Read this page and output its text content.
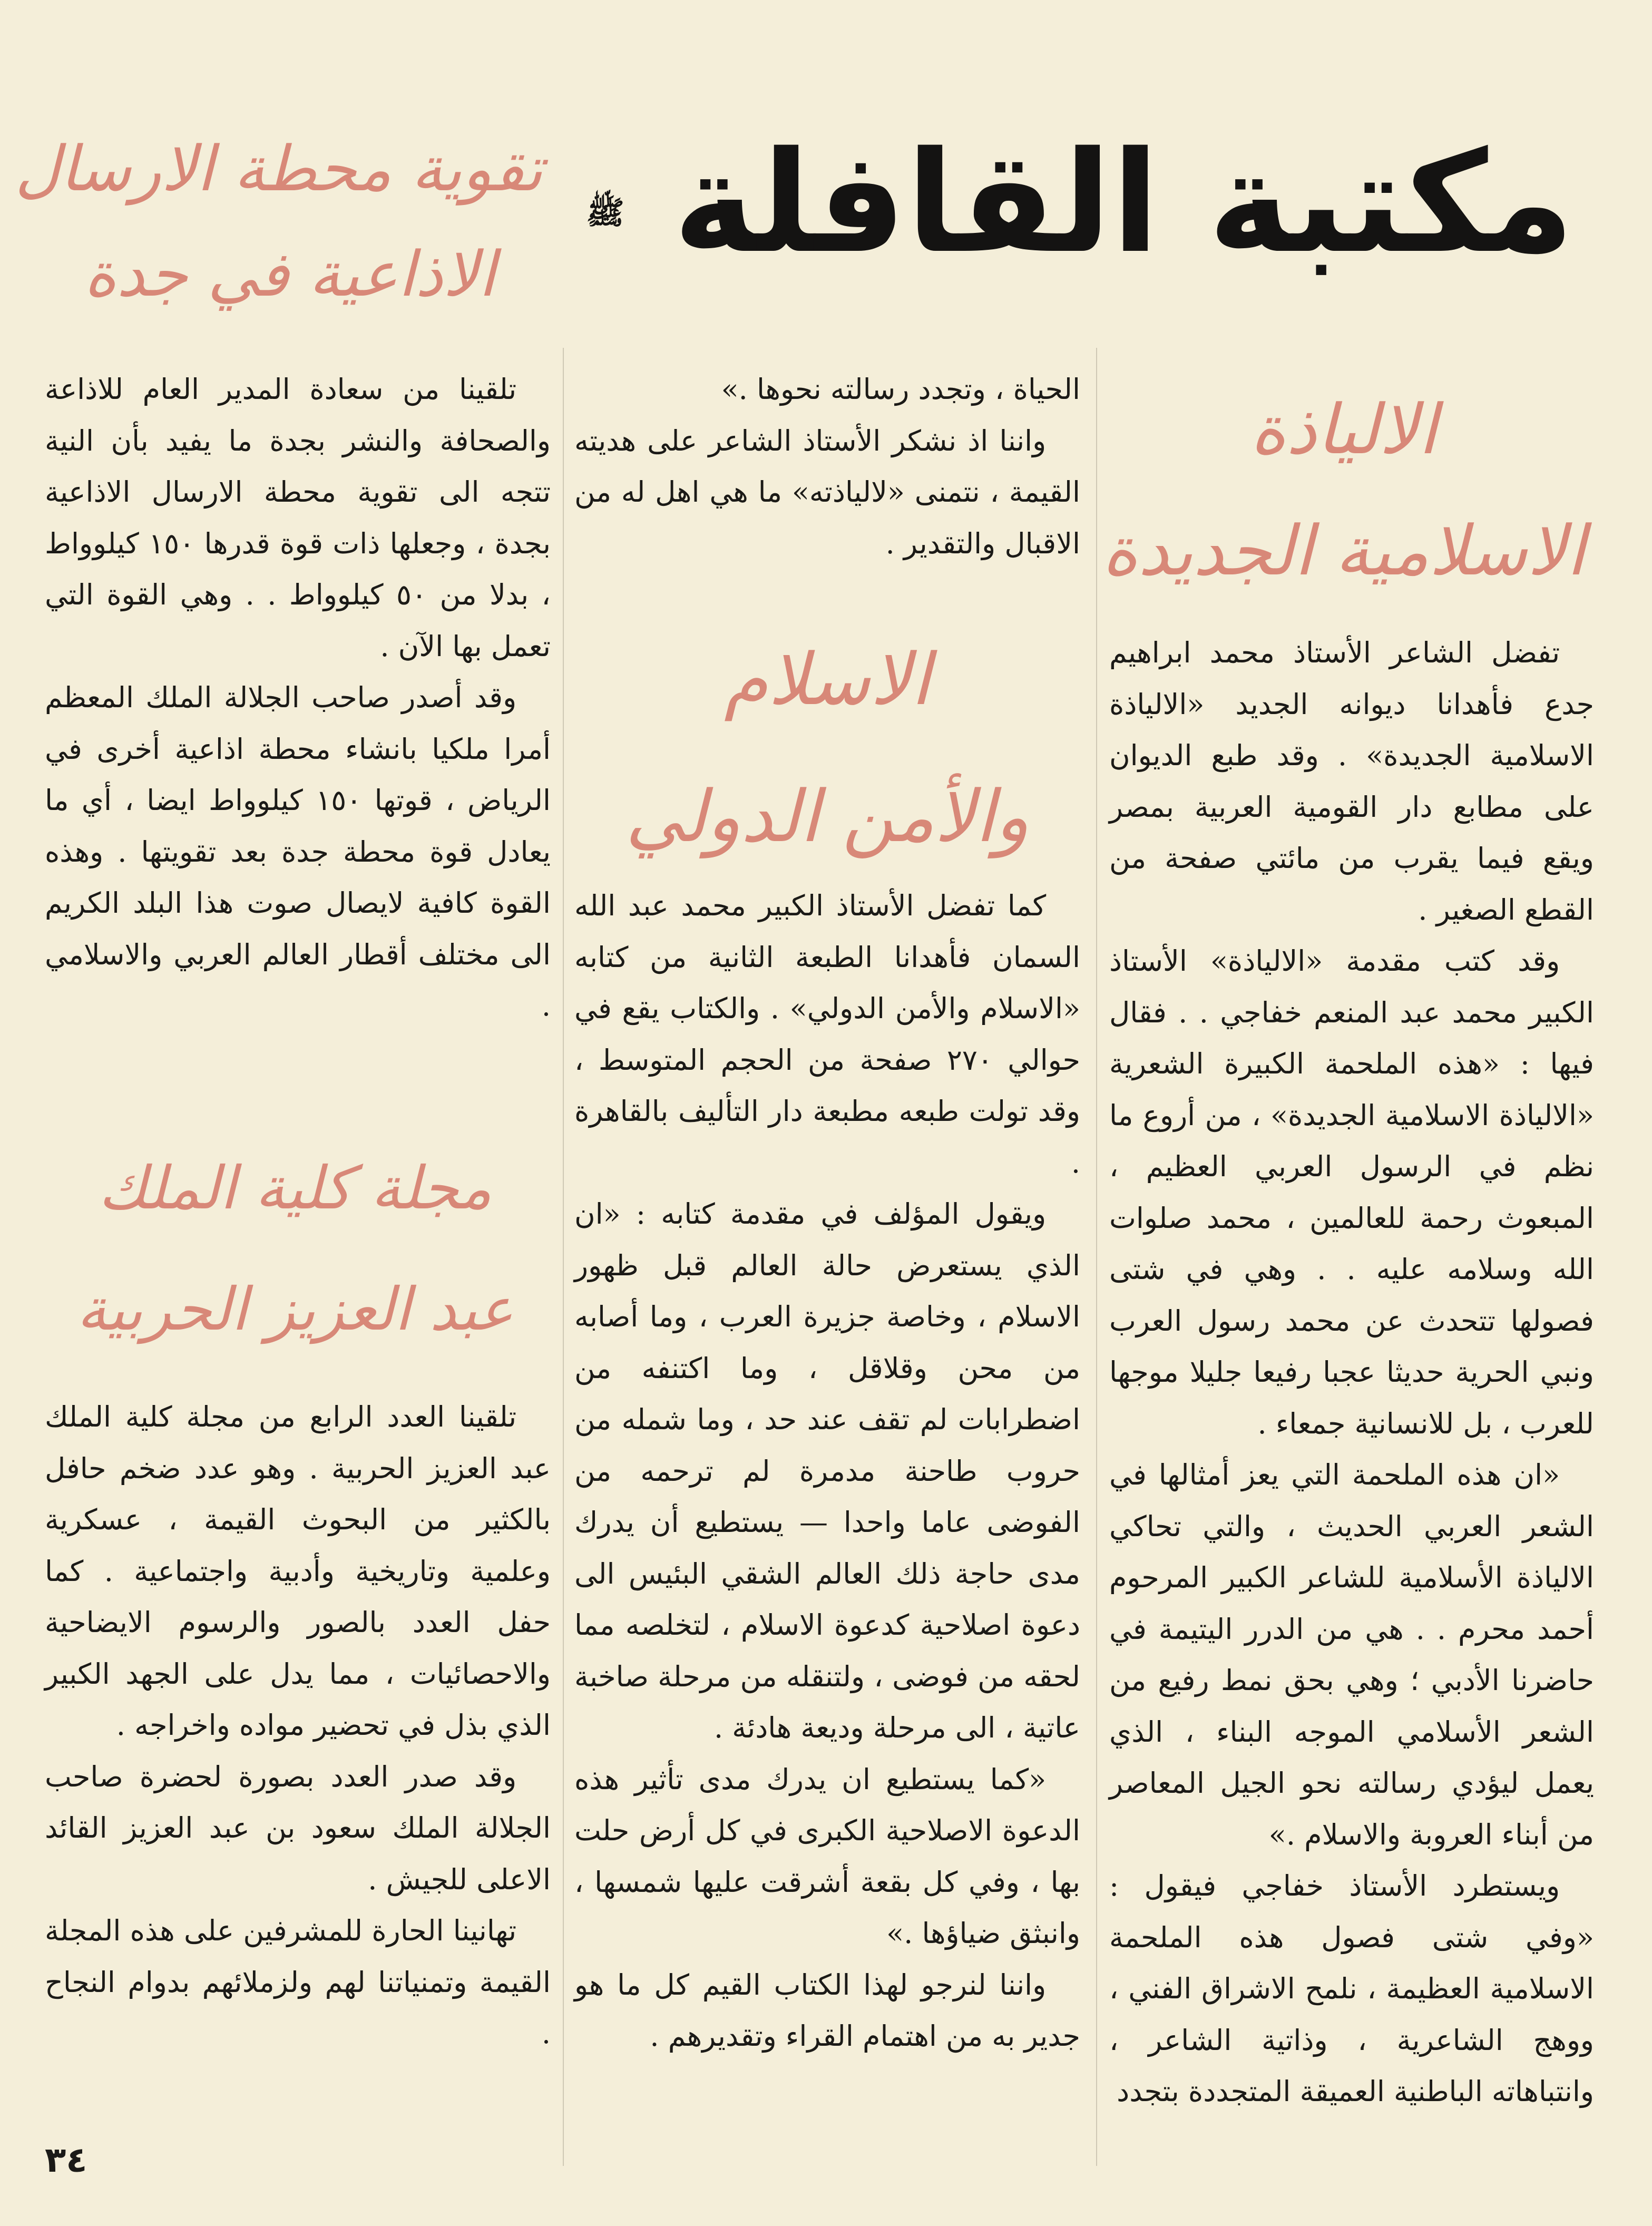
مكتبة القافلة ﷺ
تقوية محطة الارسال
الاذاعية في جدة
الالياذة
الاسلامية الجديدة

تفضل الشاعر الأستاذ محمد ابراهيم جدع فأهدانا ديوانه الجديد «الالياذة الاسلامية الجديدة» . وقد طبع الديوان على مطابع دار القومية العربية بمصر ويقع فيما يقرب من مائتي صفحة من القطع الصغير .

وقد كتب مقدمة «الالياذة» الأستاذ الكبير محمد عبد المنعم خفاجي . . فقال فيها : «هذه الملحمة الكبيرة الشعرية «الالياذة الاسلامية الجديدة» ، من أروع ما نظم في الرسول العربي العظيم ، المبعوث رحمة للعالمين ، محمد صلوات الله وسلامه عليه . . وهي في شتى فصولها تتحدث عن محمد رسول العرب ونبي الحرية حديثا عجبا رفيعا جليلا موجها للعرب ، بل للانسانية جمعاء .

«ان هذه الملحمة التي يعز أمثالها في الشعر العربي الحديث ، والتي تحاكي الالياذة الأسلامية للشاعر الكبير المرحوم أحمد محرم . . هي من الدرر اليتيمة في حاضرنا الأدبي ؛ وهي بحق نمط رفيع من الشعر الأسلامي الموجه البناء ، الذي يعمل ليؤدي رسالته نحو الجيل المعاصر من أبناء العروبة والاسلام .»

ويستطرد الأستاذ خفاجي فيقول : «وفي شتى فصول هذه الملحمة الاسلامية العظيمة ، نلمح الاشراق الفني ، ووهج الشاعرية ، وذاتية الشاعر ، وانتباهاته الباطنية العميقة المتجددة بتجدد

الحياة ، وتجدد رسالته نحوها .»

واننا اذ نشكر الأستاذ الشاعر على هديته القيمة ، نتمنى «لالياذته» ما هي اهل له من الاقبال والتقدير .

الاسلام
والأمن الدولي

كما تفضل الأستاذ الكبير محمد عبد الله السمان فأهدانا الطبعة الثانية من كتابه «الاسلام والأمن الدولي» . والكتاب يقع في حوالي ٢٧٠ صفحة من الحجم المتوسط ، وقد تولت طبعه مطبعة دار التأليف بالقاهرة .

ويقول المؤلف في مقدمة كتابه : «ان الذي يستعرض حالة العالم قبل ظهور الاسلام ، وخاصة جزيرة العرب ، وما أصابه من محن وقلاقل ، وما اكتنفه من اضطرابات لم تقف عند حد ، وما شمله من حروب طاحنة مدمرة لم ترحمه من الفوضى عاما واحدا — يستطيع أن يدرك مدى حاجة ذلك العالم الشقي البئيس الى دعوة اصلاحية كدعوة الاسلام ، لتخلصه مما لحقه من فوضى ، ولتنقله من مرحلة صاخبة عاتية ، الى مرحلة وديعة هادئة .

«كما يستطيع ان يدرك مدى تأثير هذه الدعوة الاصلاحية الكبرى في كل أرض حلت بها ، وفي كل بقعة أشرقت عليها شمسها ، وانبثق ضياؤها .»

واننا لنرجو لهذا الكتاب القيم كل ما هو جدير به من اهتمام القراء وتقديرهم .

تلقينا من سعادة المدير العام للاذاعة والصحافة والنشر بجدة ما يفيد بأن النية تتجه الى تقوية محطة الارسال الاذاعية بجدة ، وجعلها ذات قوة قدرها ١٥٠ كيلوواط ، بدلا من ٥٠ كيلوواط . . وهي القوة التي تعمل بها الآن .

وقد أصدر صاحب الجلالة الملك المعظم أمرا ملكيا بانشاء محطة اذاعية أخرى في الرياض ، قوتها ١٥٠ كيلوواط ايضا ، أي ما يعادل قوة محطة جدة بعد تقويتها . وهذه القوة كافية لايصال صوت هذا البلد الكريم الى مختلف أقطار العالم العربي والاسلامي .

مجلة كلية الملك
عبد العزيز الحربية

تلقينا العدد الرابع من مجلة كلية الملك عبد العزيز الحربية . وهو عدد ضخم حافل بالكثير من البحوث القيمة ، عسكرية وعلمية وتاريخية وأدبية واجتماعية . كما حفل العدد بالصور والرسوم الايضاحية والاحصائيات ، مما يدل على الجهد الكبير الذي بذل في تحضير مواده واخراجه .

وقد صدر العدد بصورة لحضرة صاحب الجلالة الملك سعود بن عبد العزيز القائد الاعلى للجيش .

تهانينا الحارة للمشرفين على هذه المجلة القيمة وتمنياتنا لهم ولزملائهم بدوام النجاح .

٣٤
